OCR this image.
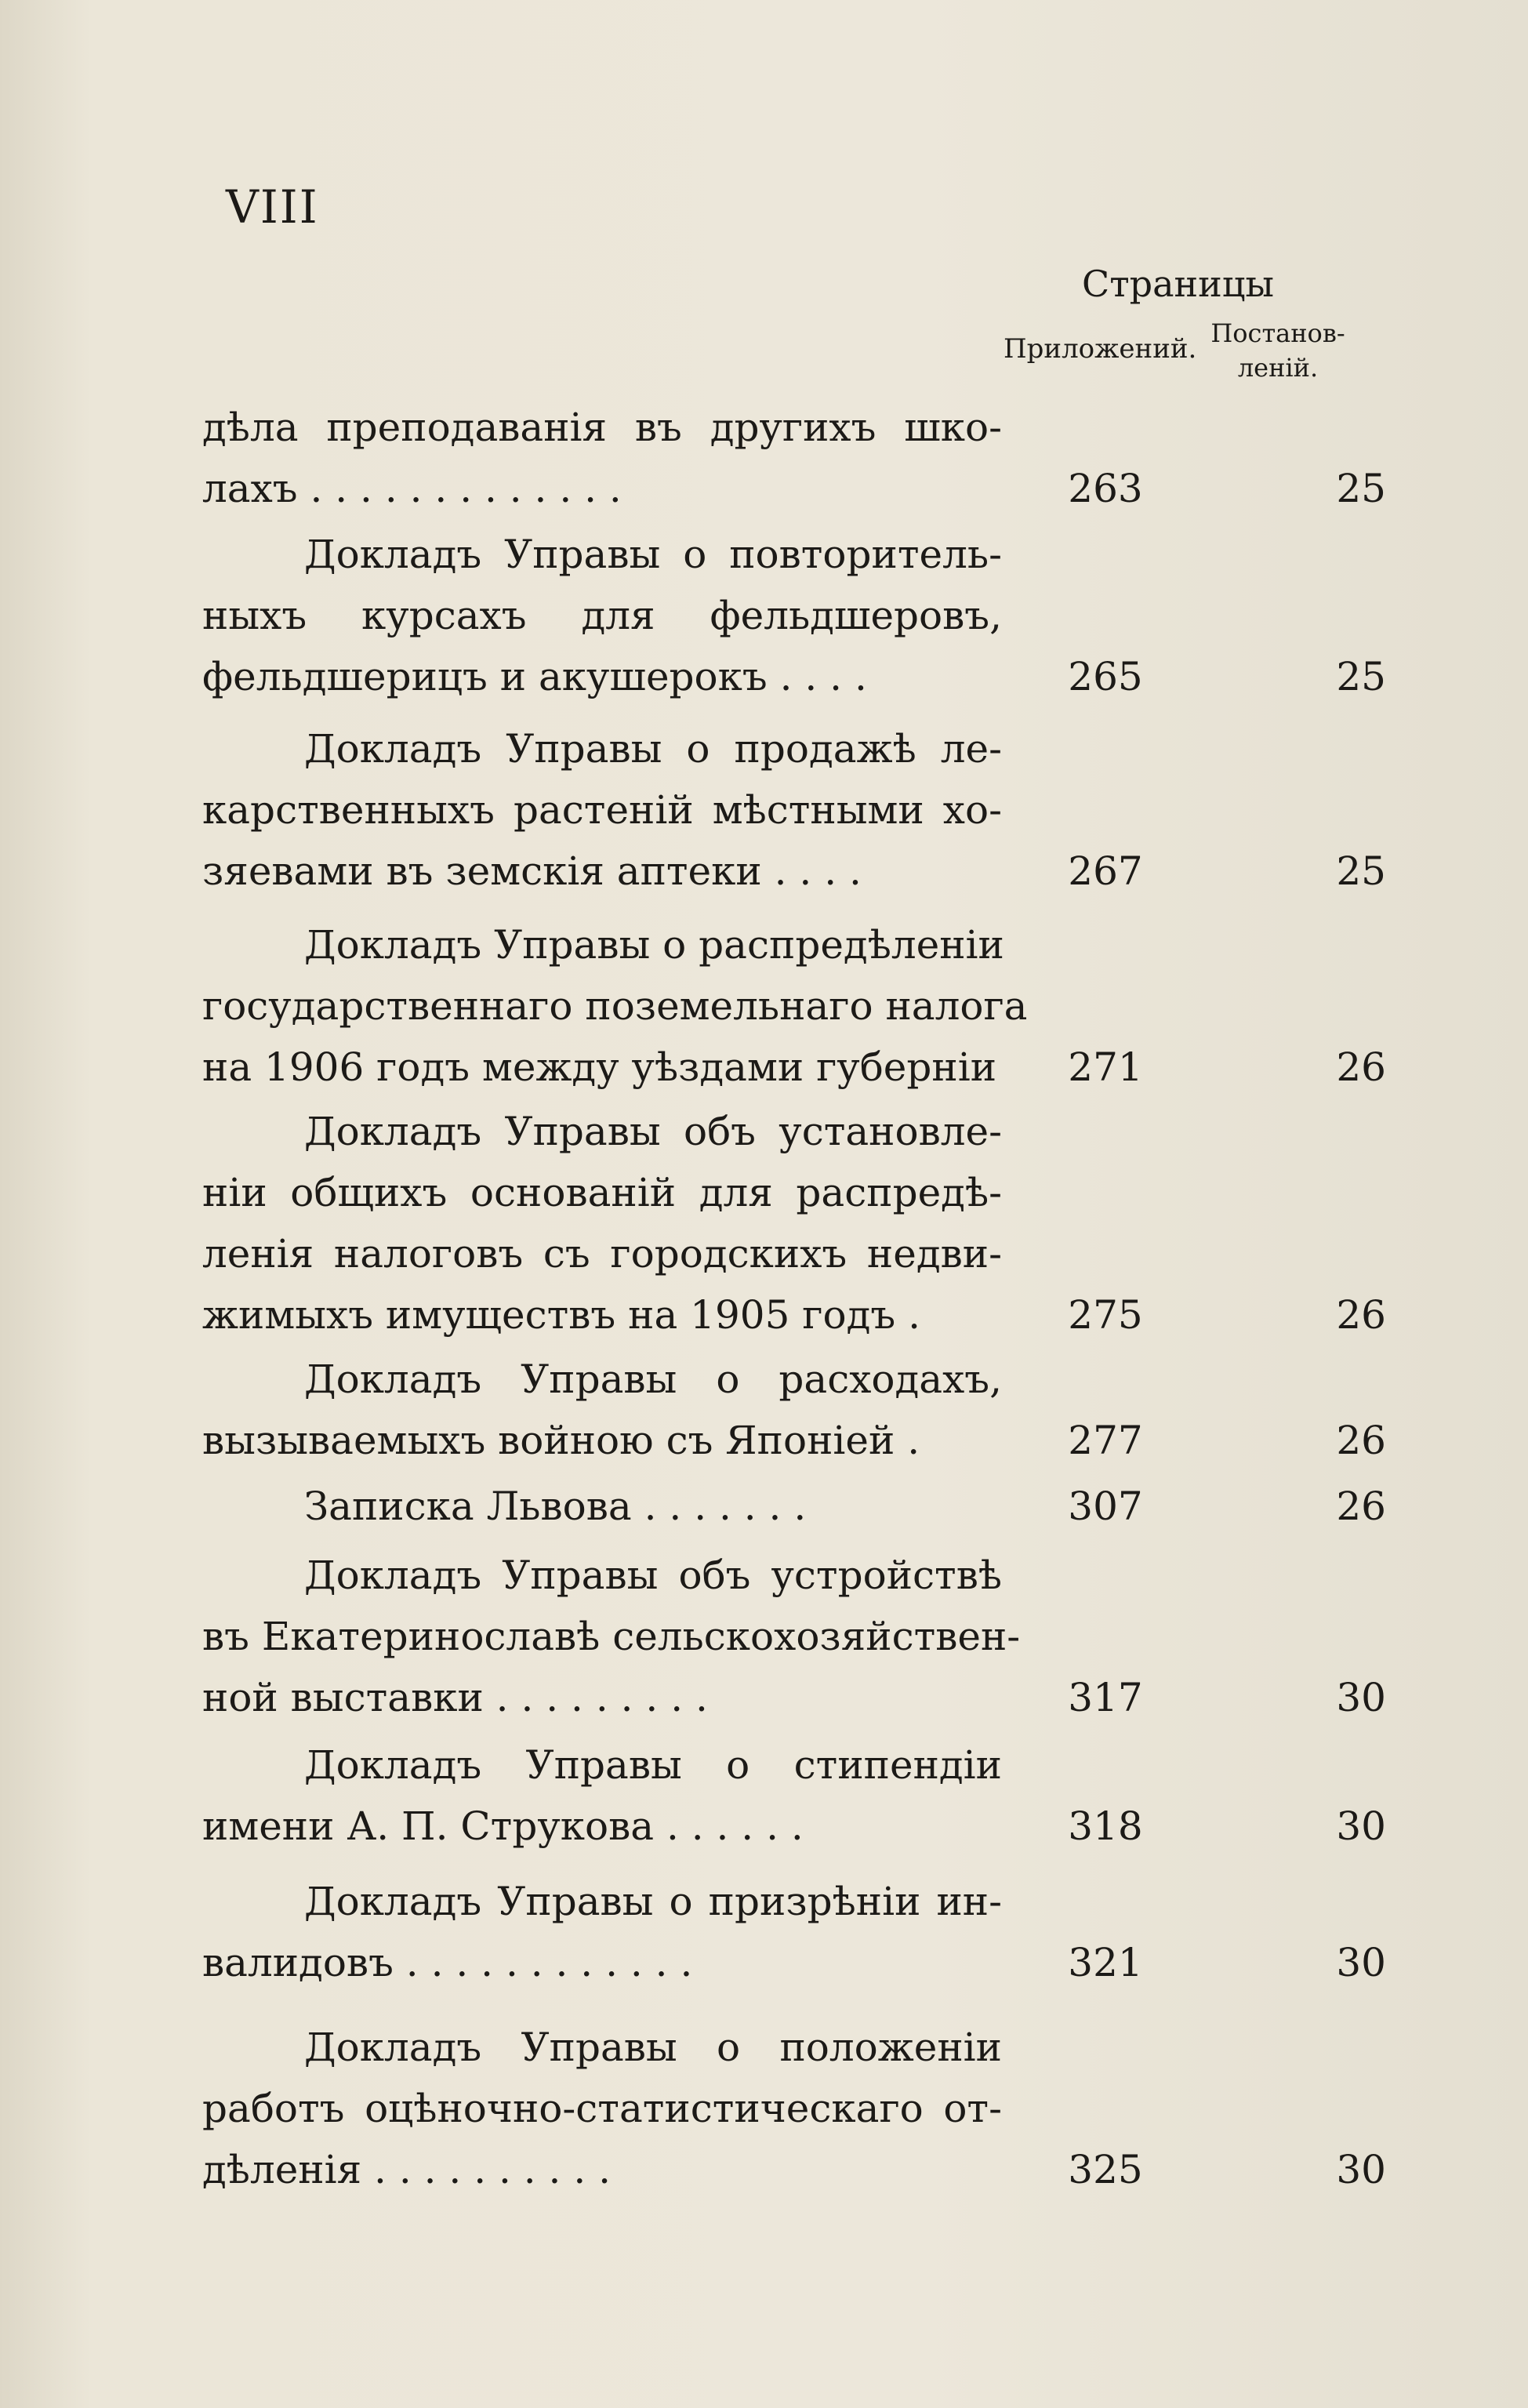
VIII
Страницы
Приложений. Постанов-
леній.
дѣла преподаванія въ другихъ шко-
лахъ . . . . . . . . . . . . .	263	25
Докладъ Управы о повторитель-
ныхъ курсахъ для фельдшеровъ,
фельдшерицъ и акушерокъ . . . .	265	25
Докладъ Управы о продажѣ ле-
карственныхъ растеній мѣстными хо-
зяевами въ земскія аптеки . . . .	267	25
Докладъ Управы о распредѣленіи
государственнаго поземельнаго налога
на 1906 годъ между уѣздами губерніи 271	26
Докладъ Управы объ установле-
ніи общихъ основаній для распредѣ-
ленія налоговъ съ городскихъ недви-
жимыхъ имуществъ на 1905 годъ .	275	26
Докладъ Управы о расходахъ,
вызываемыхъ войною съ Японіей .	277	26
Записка Львова . . . . . . .	307	26
Докладъ Управы объ устройствѣ
въ Екатеринославѣ сельскохозяйствен-
ной выставки . . . . . . . . .	317	30
Докладъ Управы о стипендіи
имени А. П. Струкова . . . . . .	318	30
Докладъ Управы о призрѣніи ин-
валидовъ . . . . . . . . . . . .	321	30
Докладъ Управы о положеніи
работъ оцѣночно-статистическаго от-
дѣленія . . . . . . . . . .	325	30
